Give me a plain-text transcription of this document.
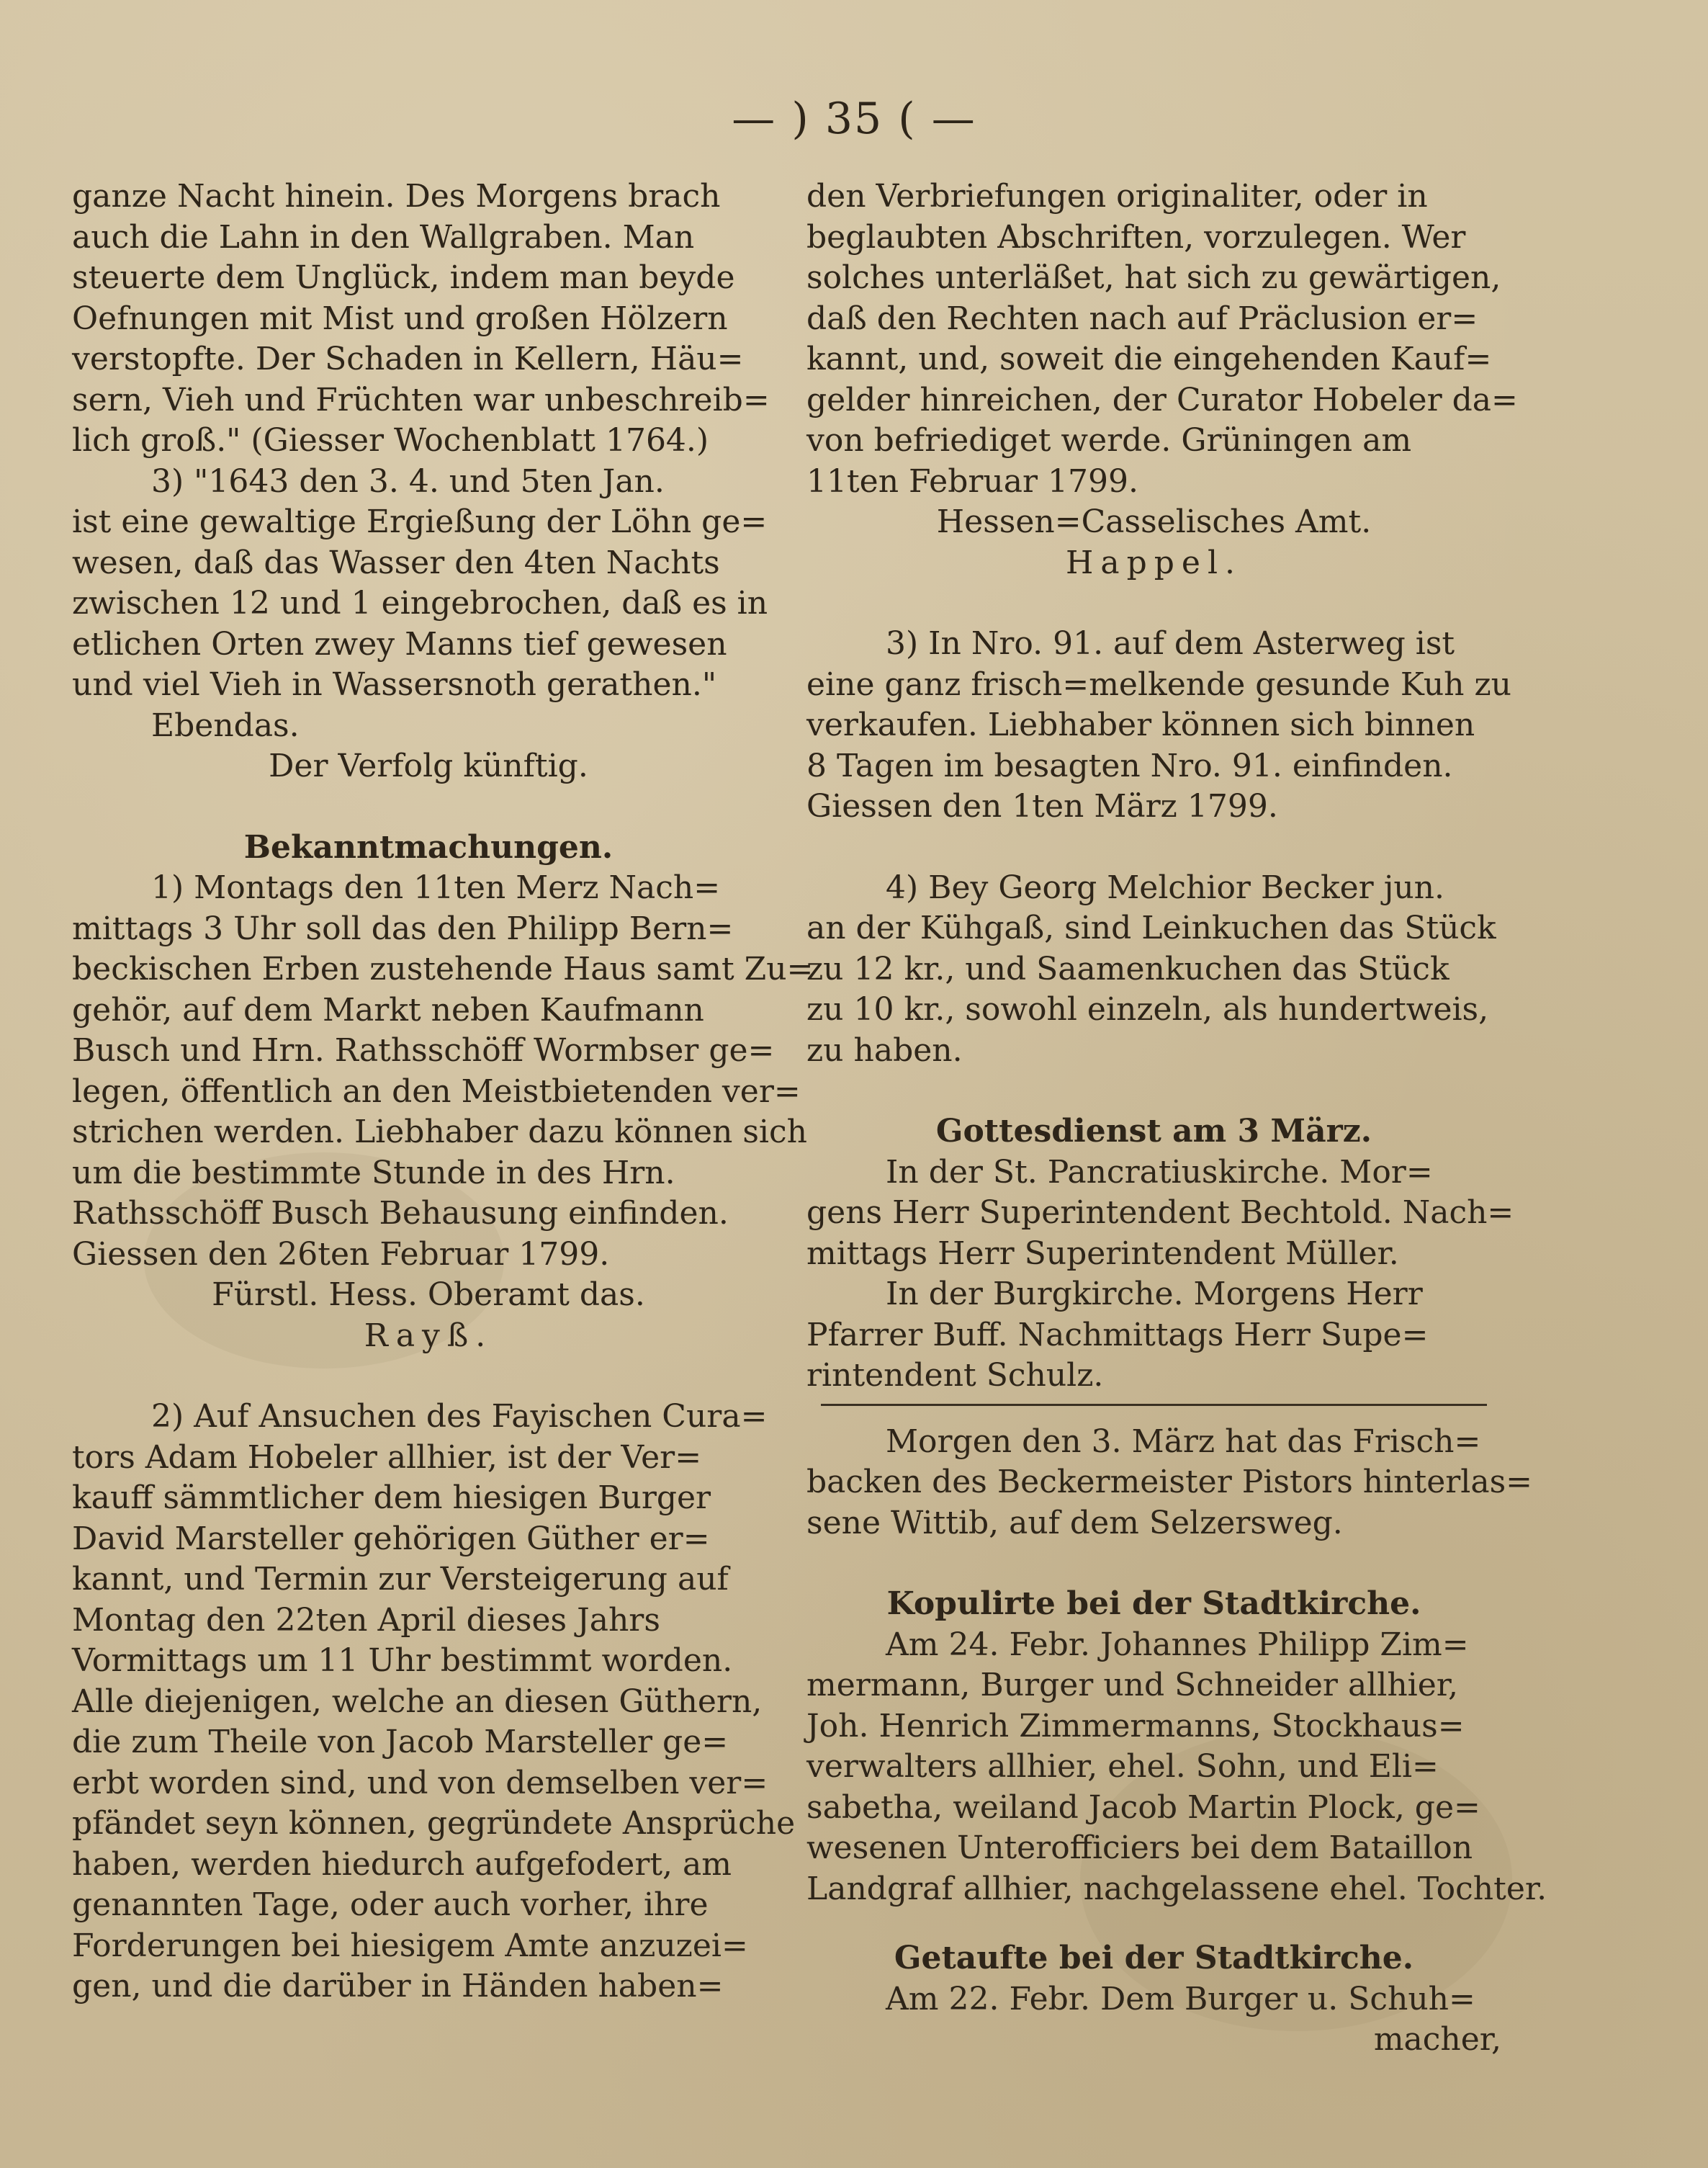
— ) 35 ( —
ganze Nacht hinein. Des Morgens brach
auch die Lahn in den Wallgraben. Man
steuerte dem Unglück, indem man beyde
Oefnungen mit Mist und großen Hölzern
verstopfte. Der Schaden in Kellern, Häu=
sern, Vieh und Früchten war unbeschreib=
lich groß." (Giesser Wochenblatt 1764.)
3) "1643 den 3. 4. und 5ten Jan.
ist eine gewaltige Ergießung der Löhn ge=
wesen, daß das Wasser den 4ten Nachts
zwischen 12 und 1 eingebrochen, daß es in
etlichen Orten zwey Manns tief gewesen
und viel Vieh in Wassersnoth gerathen."
Ebendas.
Der Verfolg künftig.
Bekanntmachungen.
1) Montags den 11ten Merz Nach=
mittags 3 Uhr soll das den Philipp Bern=
beckischen Erben zustehende Haus samt Zu=
gehör, auf dem Markt neben Kaufmann
Busch und Hrn. Rathsschöff Wormbser ge=
legen, öffentlich an den Meistbietenden ver=
strichen werden. Liebhaber dazu können sich
um die bestimmte Stunde in des Hrn.
Rathsschöff Busch Behausung einfinden.
Giessen den 26ten Februar 1799.
Fürstl. Hess. Oberamt das.
Rayß.
2) Auf Ansuchen des Fayischen Cura=
tors Adam Hobeler allhier, ist der Ver=
kauff sämmtlicher dem hiesigen Burger
David Marsteller gehörigen Güther er=
kannt, und Termin zur Versteigerung auf
Montag den 22ten April dieses Jahrs
Vormittags um 11 Uhr bestimmt worden.
Alle diejenigen, welche an diesen Güthern,
die zum Theile von Jacob Marsteller ge=
erbt worden sind, und von demselben ver=
pfändet seyn können, gegründete Ansprüche
haben, werden hiedurch aufgefodert, am
genannten Tage, oder auch vorher, ihre
Forderungen bei hiesigem Amte anzuzei=
gen, und die darüber in Händen haben=
den Verbriefungen originaliter, oder in
beglaubten Abschriften, vorzulegen. Wer
solches unterläßet, hat sich zu gewärtigen,
daß den Rechten nach auf Präclusion er=
kannt, und, soweit die eingehenden Kauf=
gelder hinreichen, der Curator Hobeler da=
von befriediget werde. Grüningen am
11ten Februar 1799.
Hessen=Casselisches Amt.
Happel.
3) In Nro. 91. auf dem Asterweg ist
eine ganz frisch=melkende gesunde Kuh zu
verkaufen. Liebhaber können sich binnen
8 Tagen im besagten Nro. 91. einfinden.
Giessen den 1ten März 1799.
4) Bey Georg Melchior Becker jun.
an der Kühgaß, sind Leinkuchen das Stück
zu 12 kr., und Saamenkuchen das Stück
zu 10 kr., sowohl einzeln, als hundertweis,
zu haben.
Gottesdienst am 3 März.
In der St. Pancratiuskirche. Mor=
gens Herr Superintendent Bechtold. Nach=
mittags Herr Superintendent Müller.
In der Burgkirche. Morgens Herr
Pfarrer Buff. Nachmittags Herr Supe=
rintendent Schulz.
Morgen den 3. März hat das Frisch=
backen des Beckermeister Pistors hinterlas=
sene Wittib, auf dem Selzersweg.
Kopulirte bei der Stadtkirche.
Am 24. Febr. Johannes Philipp Zim=
mermann, Burger und Schneider allhier,
Joh. Henrich Zimmermanns, Stockhaus=
verwalters allhier, ehel. Sohn, und Eli=
sabetha, weiland Jacob Martin Plock, ge=
wesenen Unterofficiers bei dem Bataillon
Landgraf allhier, nachgelassene ehel. Tochter.
Getaufte bei der Stadtkirche.
Am 22. Febr. Dem Burger u. Schuh=
macher,
